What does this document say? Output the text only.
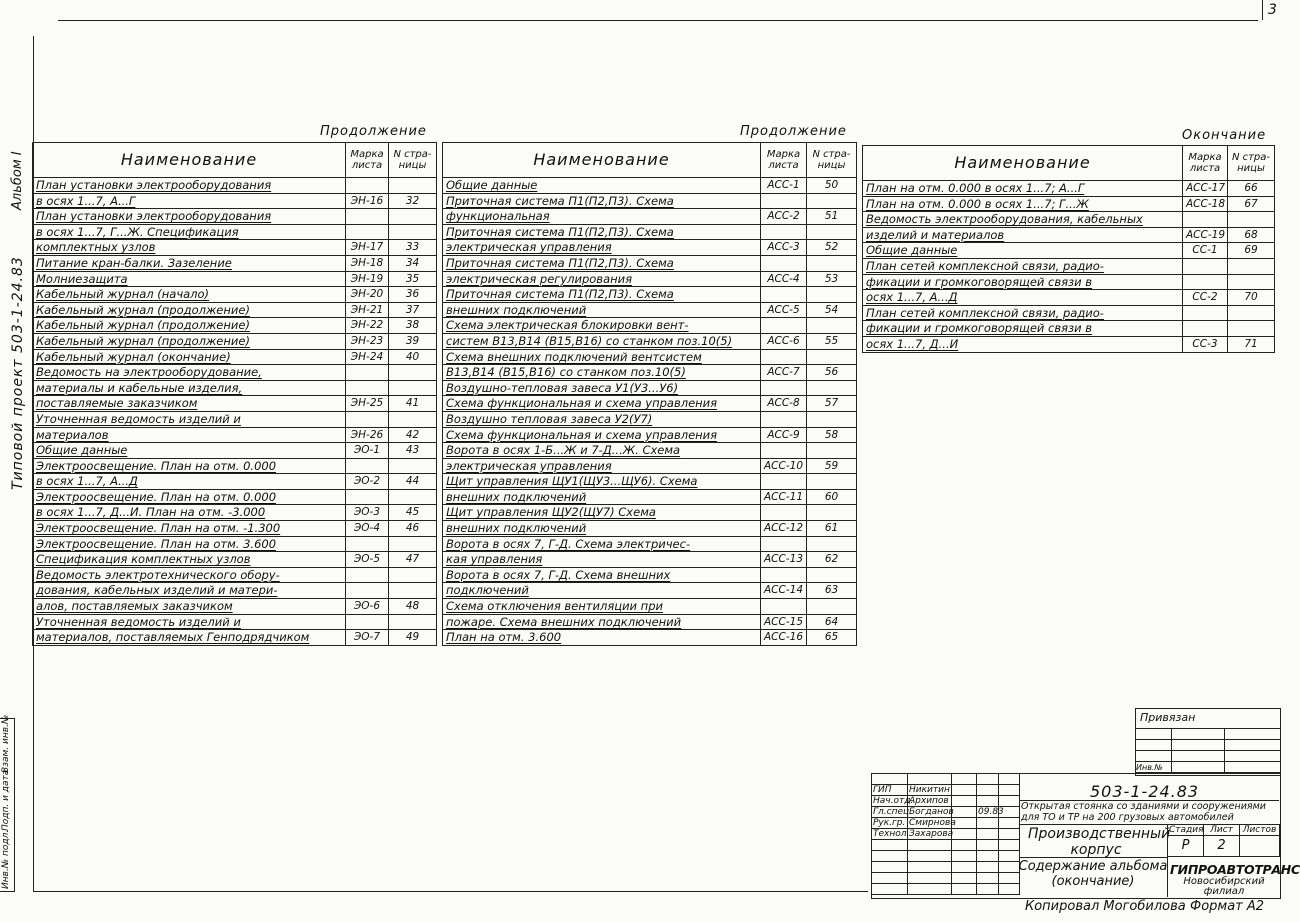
3
Альбом I
Типовой проект 503-1-24.83
Инв.№ подл.
Подп. и дата
Взам. инв.№
Продолжение
Наименование	Марка листа	N стра-ницы
План установки электрооборудования		
в осях 1...7, А...Г	ЭН-16	32
План установки электрооборудования		
в осях 1...7, Г...Ж. Спецификация		
комплектных узлов	ЭН-17	33
Питание кран-балки. Зазеление	ЭН-18	34
Молниезащита	ЭН-19	35
Кабельный журнал (начало)	ЭН-20	36
Кабельный журнал (продолжение)	ЭН-21	37
Кабельный журнал (продолжение)	ЭН-22	38
Кабельный журнал (продолжение)	ЭН-23	39
Кабельный журнал (окончание)	ЭН-24	40
Ведомость на электрооборудование,		
материалы и кабельные изделия,		
поставляемые заказчиком	ЭН-25	41
Уточненная ведомость изделий и		
материалов	ЭН-26	42
Общие данные	ЭО-1	43
Электроосвещение. План на отм. 0.000		
в осях 1...7, А...Д	ЭО-2	44
Электроосвещение. План на отм. 0.000		
в осях 1...7, Д...И. План на отм. -3.000	ЭО-3	45
Электроосвещение. План на отм. -1.300	ЭО-4	46
Электроосвещение. План на отм. 3.600		
Спецификация комплектных узлов	ЭО-5	47
Ведомость электротехнического обору-		
дования, кабельных изделий и матери-		
алов, поставляемых заказчиком	ЭО-6	48
Уточненная ведомость изделий и		
материалов, поставляемых Генподрядчиком	ЭО-7	49
Продолжение
Наименование	Марка листа	N стра-ницы
Общие данные	АСС-1	50
Приточная система П1(П2,П3). Схема		
функциональная	АСС-2	51
Приточная система П1(П2,П3). Схема		
электрическая управления	АСС-3	52
Приточная система П1(П2,П3). Схема		
электрическая регулирования	АСС-4	53
Приточная система П1(П2,П3). Схема		
внешних подключений	АСС-5	54
Схема электрическая блокировки вент-		
систем В13,В14 (В15,В16) со станком поз.10(5)	АСС-6	55
Схема внешних подключений вентсистем		
В13,В14 (В15,В16) со станком поз.10(5)	АСС-7	56
Воздушно-тепловая завеса У1(У3...У6)		
Схема функциональная и схема управления	АСС-8	57
Воздушно тепловая завеса У2(У7)		
Схема функциональная и схема управления	АСС-9	58
Ворота в осях 1-Б...Ж и 7-Д...Ж. Схема		
электрическая управления	АСС-10	59
Щит управления ЩУ1(ЩУ3...ЩУ6). Схема		
внешних подключений	АСС-11	60
Щит управления ЩУ2(ЩУ7) Схема		
внешних подключений	АСС-12	61
Ворота в осях 7, Г-Д. Схема электричес-		
кая управления	АСС-13	62
Ворота в осях 7, Г-Д. Схема внешних		
подключений	АСС-14	63
Схема отключения вентиляции при		
пожаре. Схема внешних подключений	АСС-15	64
План на отм. 3.600	АСС-16	65
Окончание
Наименование	Марка листа	N стра-ницы
План на отм. 0.000 в осях 1...7; А...Г	АСС-17	66
План на отм. 0.000 в осях 1...7; Г...Ж	АСС-18	67
Ведомость электрооборудования, кабельных		
изделий и материалов	АСС-19	68
Общие данные	СС-1	69
План сетей комплексной связи, радио-		
фикации и громкоговорящей связи в		
осях 1...7, А...Д	СС-2	70
План сетей комплексной связи, радио-		
фикации и громкоговорящей связи в		
осях 1...7, Д...И	СС-3	71
Привязан

Инв.№		

ГИП	Никитин			
Нач.отд.	Архипов			
Гл.спец.	Богданов		09.83	
Рук.гр.	Смирнова			
Технол.	Захарова			

503-1-24.83
Открытая стоянка со зданиями и сооружениями для ТО и ТР на 200 грузовых автомобилей
Производственный корпус
Содержание альбома (окончание)
Стадия	Лист	Листов
Р	2	
ГИПРОАВТОТРАНС
Новосибирский филиал
Копировал Могобилова Формат А2
